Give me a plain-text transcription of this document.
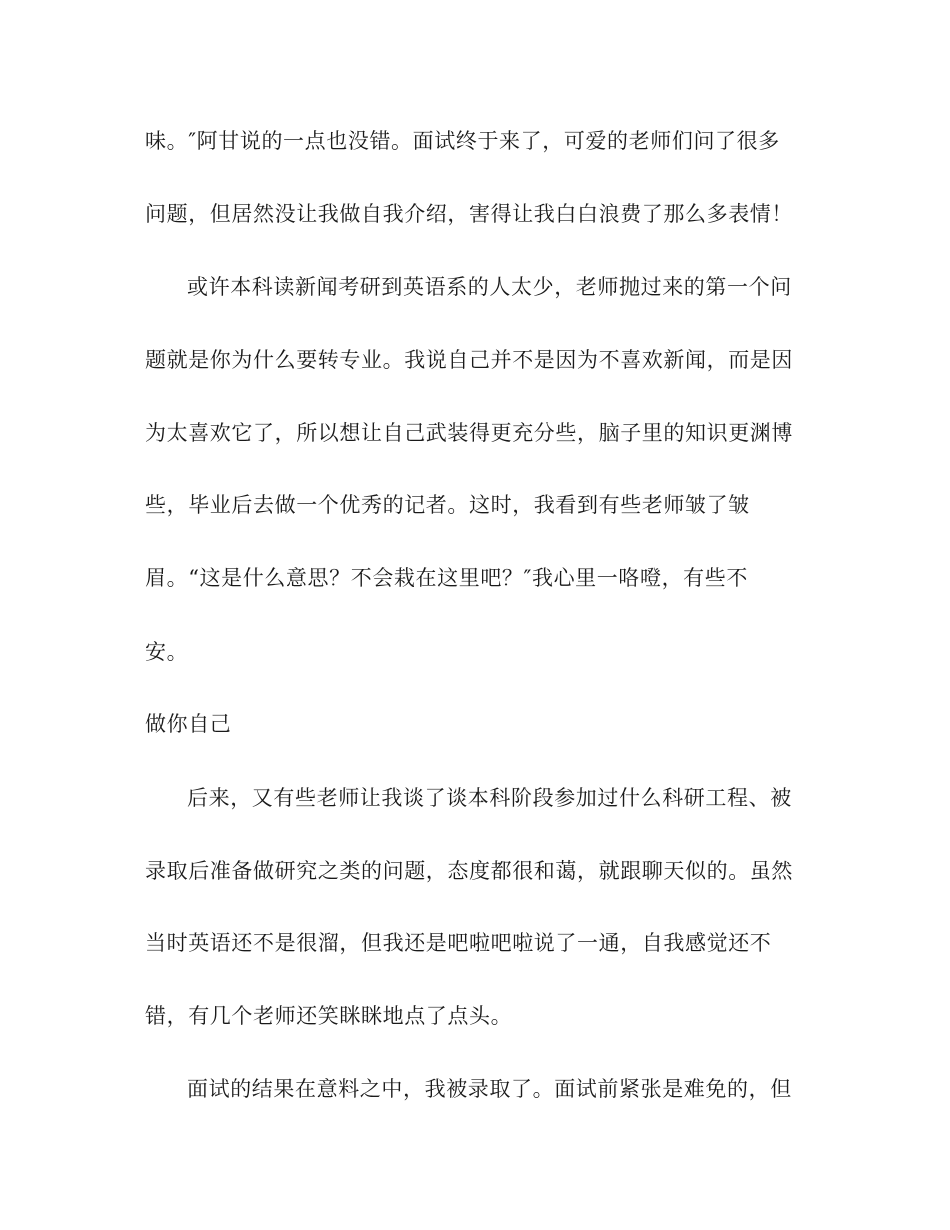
味。″阿甘说的一点也没错。面试终于来了，可爱的老师们问了很多
问题，但居然没让我做自我介绍，害得让我白白浪费了那么多表情！
或许本科读新闻考研到英语系的人太少，老师抛过来的第一个问
题就是你为什么要转专业。我说自己并不是因为不喜欢新闻，而是因
为太喜欢它了，所以想让自己武装得更充分些，脑子里的知识更渊博
些，毕业后去做一个优秀的记者。这时，我看到有些老师皱了皱
眉。“这是什么意思？不会栽在这里吧？″我心里一咯噔，有些不
安。
做你自己
后来，又有些老师让我谈了谈本科阶段参加过什么科研工程、被
录取后准备做研究之类的问题，态度都很和蔼，就跟聊天似的。虽然
当时英语还不是很溜，但我还是吧啦吧啦说了一通，自我感觉还不
错，有几个老师还笑眯眯地点了点头。
面试的结果在意料之中，我被录取了。面试前紧张是难免的，但
